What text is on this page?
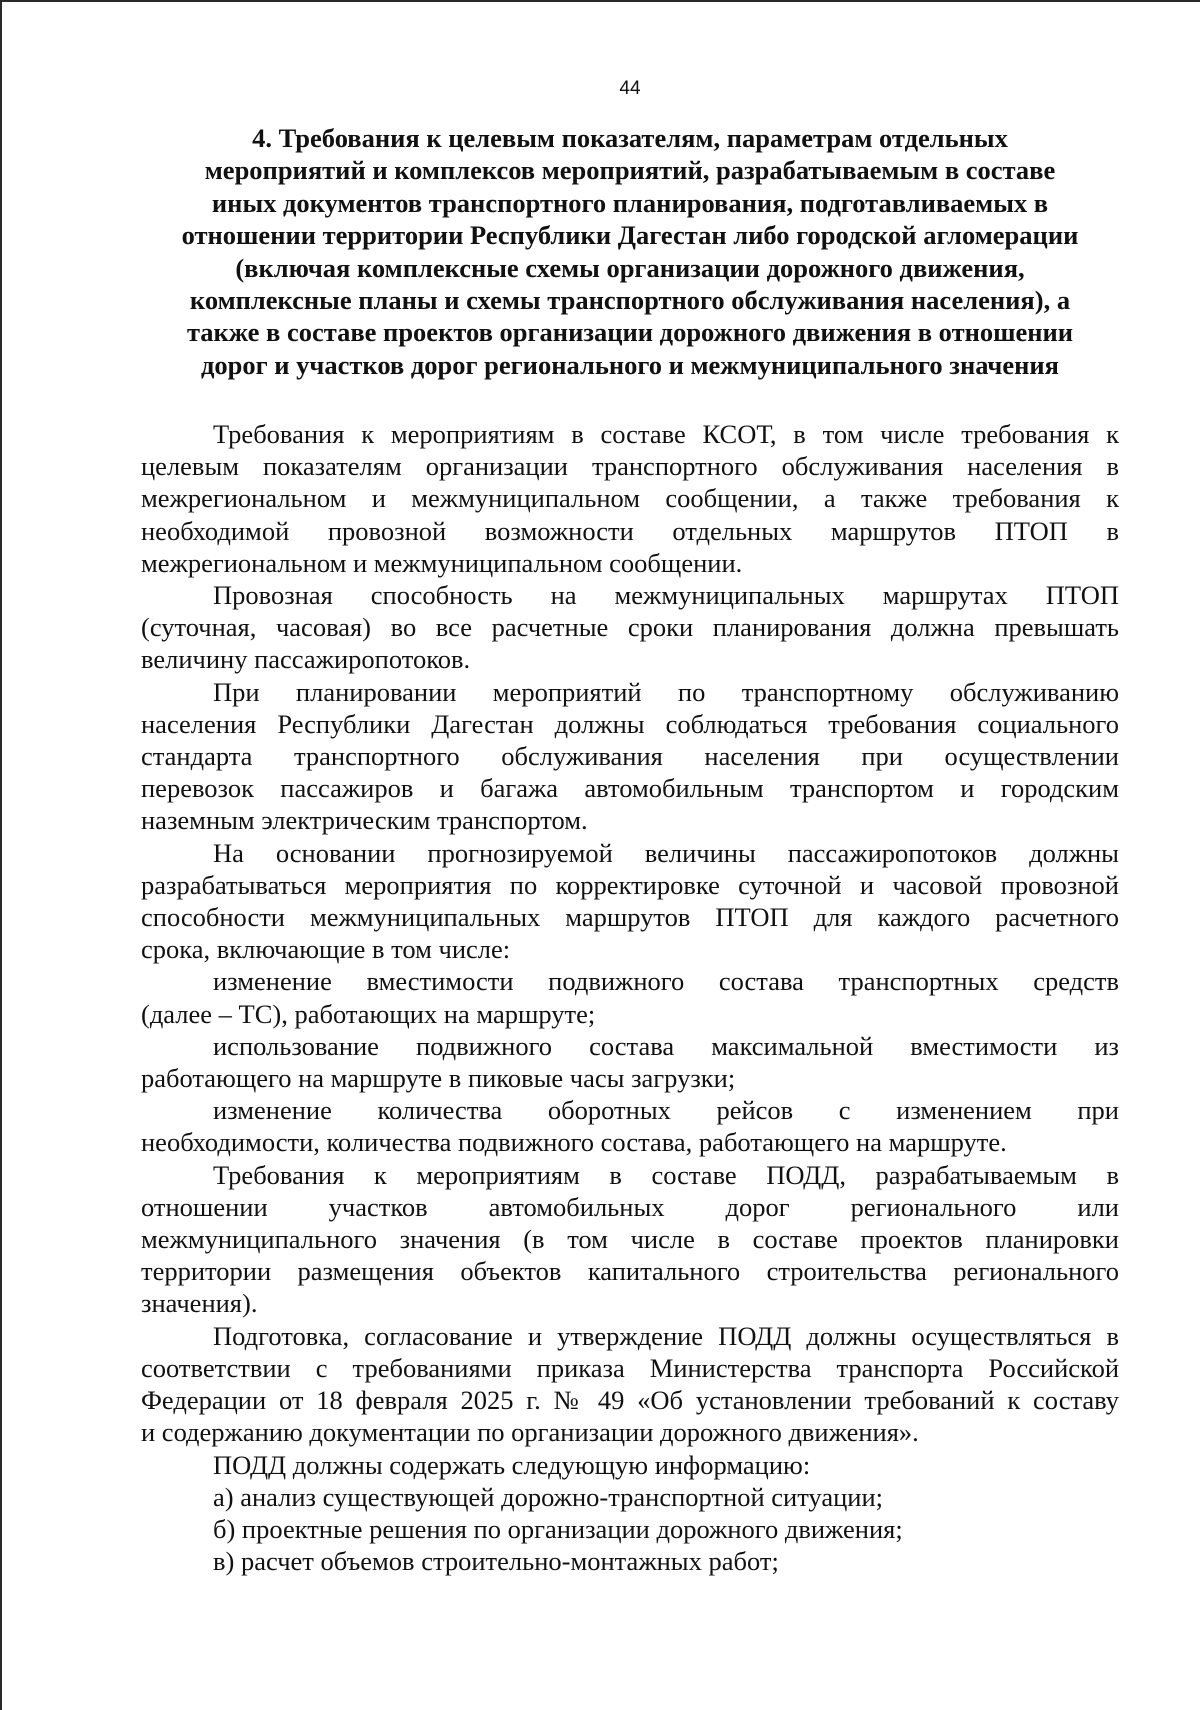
44
4. Требования к целевым показателям, параметрам отдельных
мероприятий и комплексов мероприятий, разрабатываемым в составе
иных документов транспортного планирования, подготавливаемых в
отношении территории Республики Дагестан либо городской агломерации
(включая комплексные схемы организации дорожного движения,
комплексные планы и схемы транспортного обслуживания населения), а
также в составе проектов организации дорожного движения в отношении
дорог и участков дорог регионального и межмуниципального значения
Требования к мероприятиям в составе КСОТ, в том числе требования к
целевым показателям организации транспортного обслуживания населения в
межрегиональном и межмуниципальном сообщении, а также требования к
необходимой провозной возможности отдельных маршрутов ПТОП в
межрегиональном и межмуниципальном сообщении.
Провозная способность на межмуниципальных маршрутах ПТОП
(суточная, часовая) во все расчетные сроки планирования должна превышать
величину пассажиропотоков.
При планировании мероприятий по транспортному обслуживанию
населения Республики Дагестан должны соблюдаться требования социального
стандарта транспортного обслуживания населения при осуществлении
перевозок пассажиров и багажа автомобильным транспортом и городским
наземным электрическим транспортом.
На основании прогнозируемой величины пассажиропотоков должны
разрабатываться мероприятия по корректировке суточной и часовой провозной
способности межмуниципальных маршрутов ПТОП для каждого расчетного
срока, включающие в том числе:
изменение вместимости подвижного состава транспортных средств
(далее – ТС), работающих на маршруте;
использование подвижного состава максимальной вместимости из
работающего на маршруте в пиковые часы загрузки;
изменение количества оборотных рейсов с изменением при
необходимости, количества подвижного состава, работающего на маршруте.
Требования к мероприятиям в составе ПОДД, разрабатываемым в
отношении участков автомобильных дорог регионального или
межмуниципального значения (в том числе в составе проектов планировки
территории размещения объектов капитального строительства регионального
значения).
Подготовка, согласование и утверждение ПОДД должны осуществляться в
соответствии с требованиями приказа Министерства транспорта Российской
Федерации от 18 февраля 2025 г. № 49 «Об установлении требований к составу
и содержанию документации по организации дорожного движения».
ПОДД должны содержать следующую информацию:
а) анализ существующей дорожно-транспортной ситуации;
б) проектные решения по организации дорожного движения;
в) расчет объемов строительно-монтажных работ;
